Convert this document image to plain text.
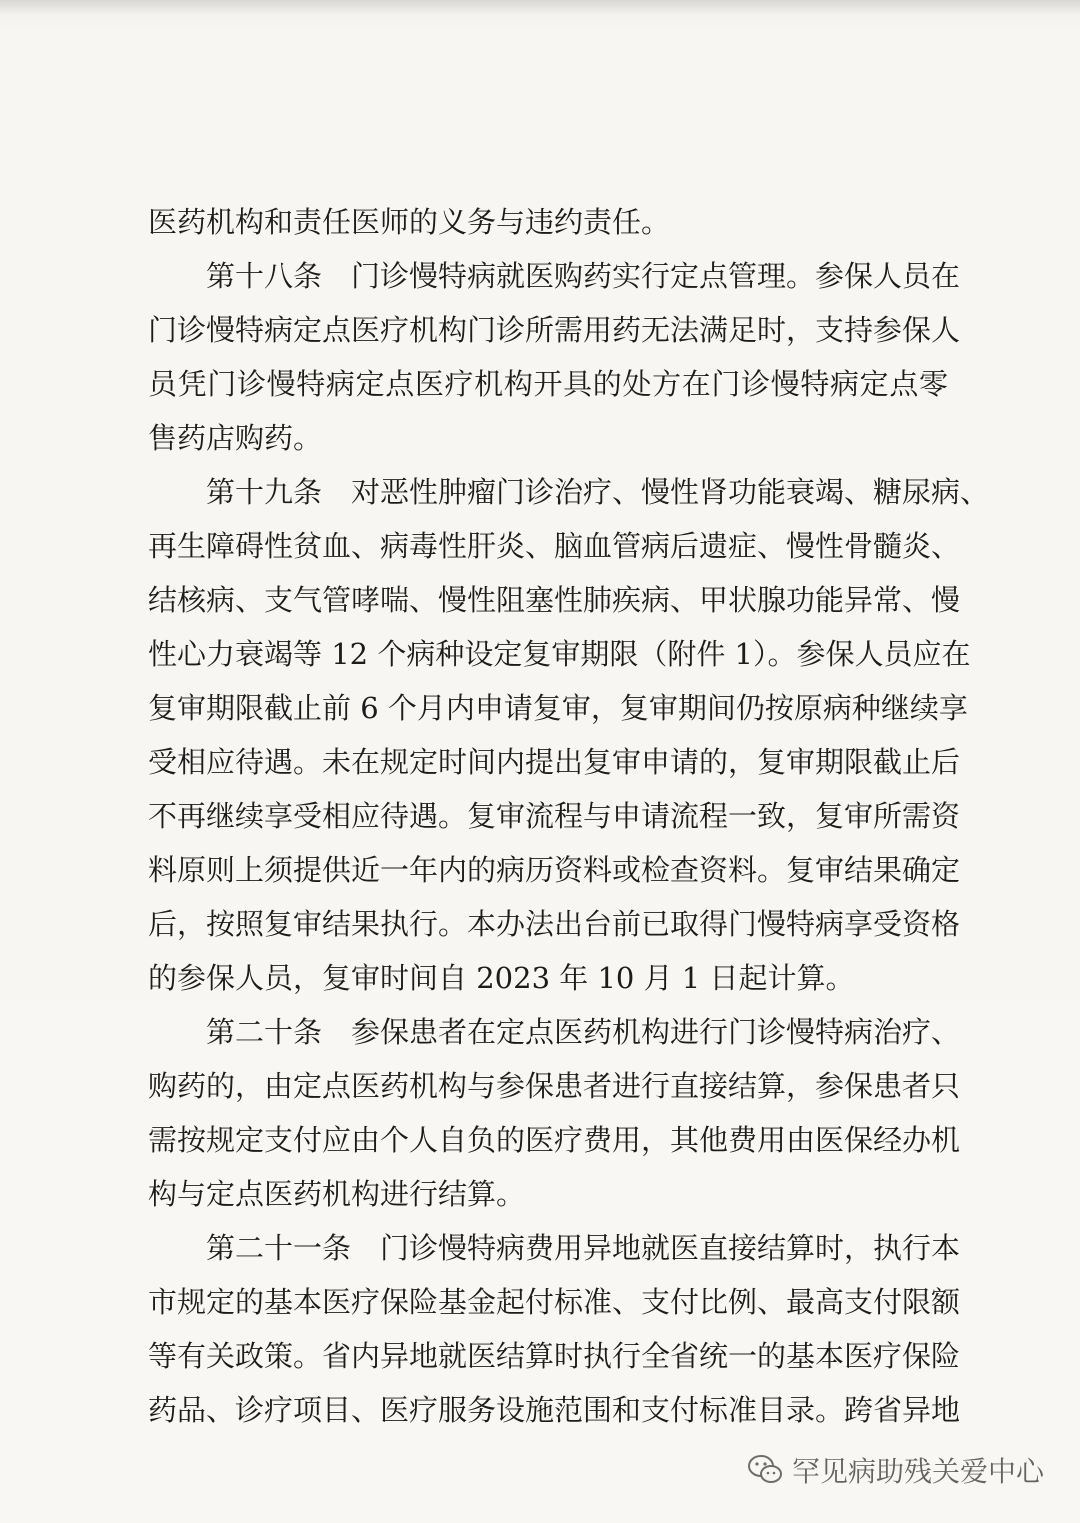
医药机构和责任医师的义务与违约责任。
第十八条　门诊慢特病就医购药实行定点管理。参保人员在
门诊慢特病定点医疗机构门诊所需用药无法满足时，支持参保人
员凭门诊慢特病定点医疗机构开具的处方在门诊慢特病定点零
售药店购药。
第十九条　对恶性肿瘤门诊治疗、慢性肾功能衰竭、糖尿病、
再生障碍性贫血、病毒性肝炎、脑血管病后遗症、慢性骨髓炎、
结核病、支气管哮喘、慢性阻塞性肺疾病、甲状腺功能异常、慢
性心力衰竭等 12 个病种设定复审期限（附件 1）。参保人员应在
复审期限截止前 6 个月内申请复审，复审期间仍按原病种继续享
受相应待遇。未在规定时间内提出复审申请的，复审期限截止后
不再继续享受相应待遇。复审流程与申请流程一致，复审所需资
料原则上须提供近一年内的病历资料或检查资料。复审结果确定
后，按照复审结果执行。本办法出台前已取得门慢特病享受资格
的参保人员，复审时间自 2023 年 10 月 1 日起计算。
第二十条　参保患者在定点医药机构进行门诊慢特病治疗、
购药的，由定点医药机构与参保患者进行直接结算，参保患者只
需按规定支付应由个人自负的医疗费用，其他费用由医保经办机
构与定点医药机构进行结算。
第二十一条　门诊慢特病费用异地就医直接结算时，执行本
市规定的基本医疗保险基金起付标准、支付比例、最高支付限额
等有关政策。省内异地就医结算时执行全省统一的基本医疗保险
药品、诊疗项目、医疗服务设施范围和支付标准目录。跨省异地
罕见病助残关爱中心
